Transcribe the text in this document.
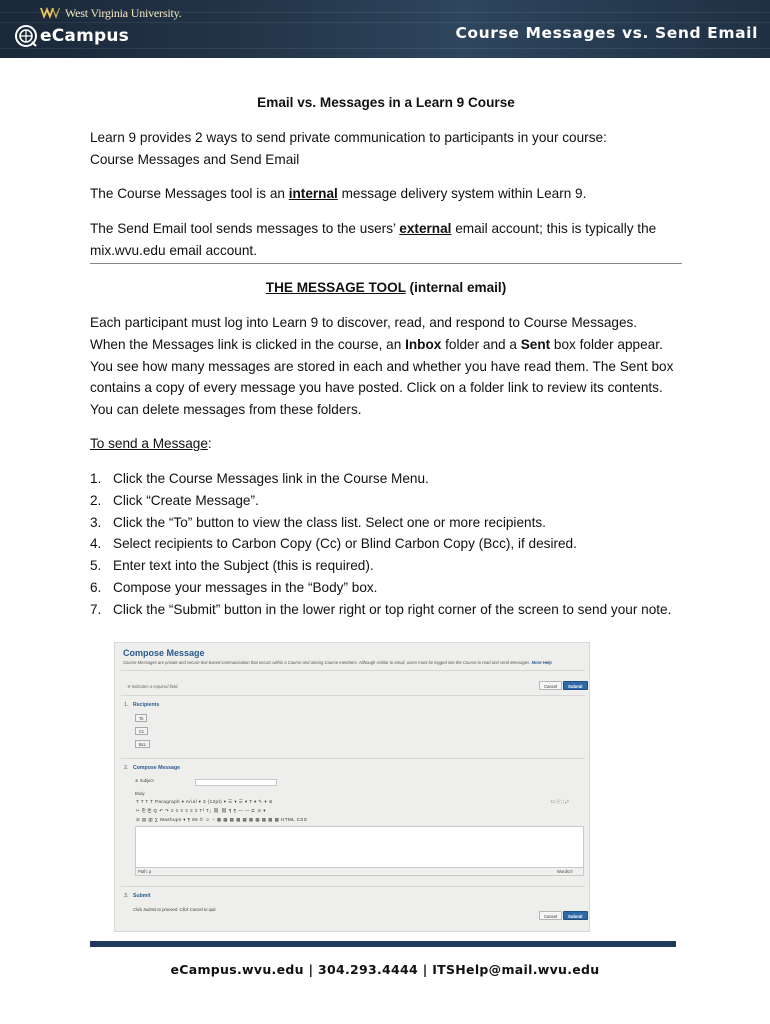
West Virginia University.
eCampus	Course Messages vs. Send Email
Email vs. Messages in a Learn 9 Course
Learn 9 provides 2 ways to send private communication to participants in your course:
Course Messages and Send Email
The Course Messages tool is an internal message delivery system within Learn 9.
The Send Email tool sends messages to the users’ external email account; this is typically the
mix.wvu.edu email account.
THE MESSAGE TOOL (internal email)
Each participant must log into Learn 9 to discover, read, and respond to Course Messages.
When the Messages link is clicked in the course, an Inbox folder and a Sent box folder appear.
You see how many messages are stored in each and whether you have read them. The Sent box
contains a copy of every message you have posted. Click on a folder link to review its contents.
You can delete messages from these folders.
To send a Message:
1. Click the Course Messages link in the Course Menu.
2. Click “Create Message”.
3. Click the “To” button to view the class list. Select one or more recipients.
4. Select recipients to Carbon Copy (Cc) or Blind Carbon Copy (Bcc), if desired.
5. Enter text into the Subject (this is required).
6. Compose your messages in the “Body” box.
7. Click the “Submit” button in the lower right or top right corner of the screen to send your note.
Compose Message
Course Messages are private and secure text-based communication that occurs within a Course and among Course members. Although similar to email, users must be logged into the Course to read and send Messages. More Help
✲ Indicates a required field.	Cancel	Submit
1. Recipients
To
Cc
Bcc
2. Compose Message
✲ Subject
Body
T T T T Paragraph ▾ Arial ▾ 3 (12pt) ▾ ☰ ▾ ☰ ▾ T ▾ ✎ ▾ ⊘	☐ ⓘ ⛶ ⤢
✂ ⎘ ⎗ Q ↶ ↷ ≡ ≡ ≡ ≡ ≡ ≡ T² T₂ ⛓ ⛓ ¶ ¶ — — ⊏ ⊙ ▾
⊘ ▤ ▥ ∑ Mashups ▾ ¶ 66 © ☺ ◔ ▦ ▦ ▦ ▦ ▦ ▦ ▦ ▦ ▦ ▦ HTML CSS
Path: p	Words:0
3. Submit
Click Submit to proceed. Click Cancel to quit.
Cancel	Submit
eCampus.wvu.edu | 304.293.4444 | ITSHelp@mail.wvu.edu
